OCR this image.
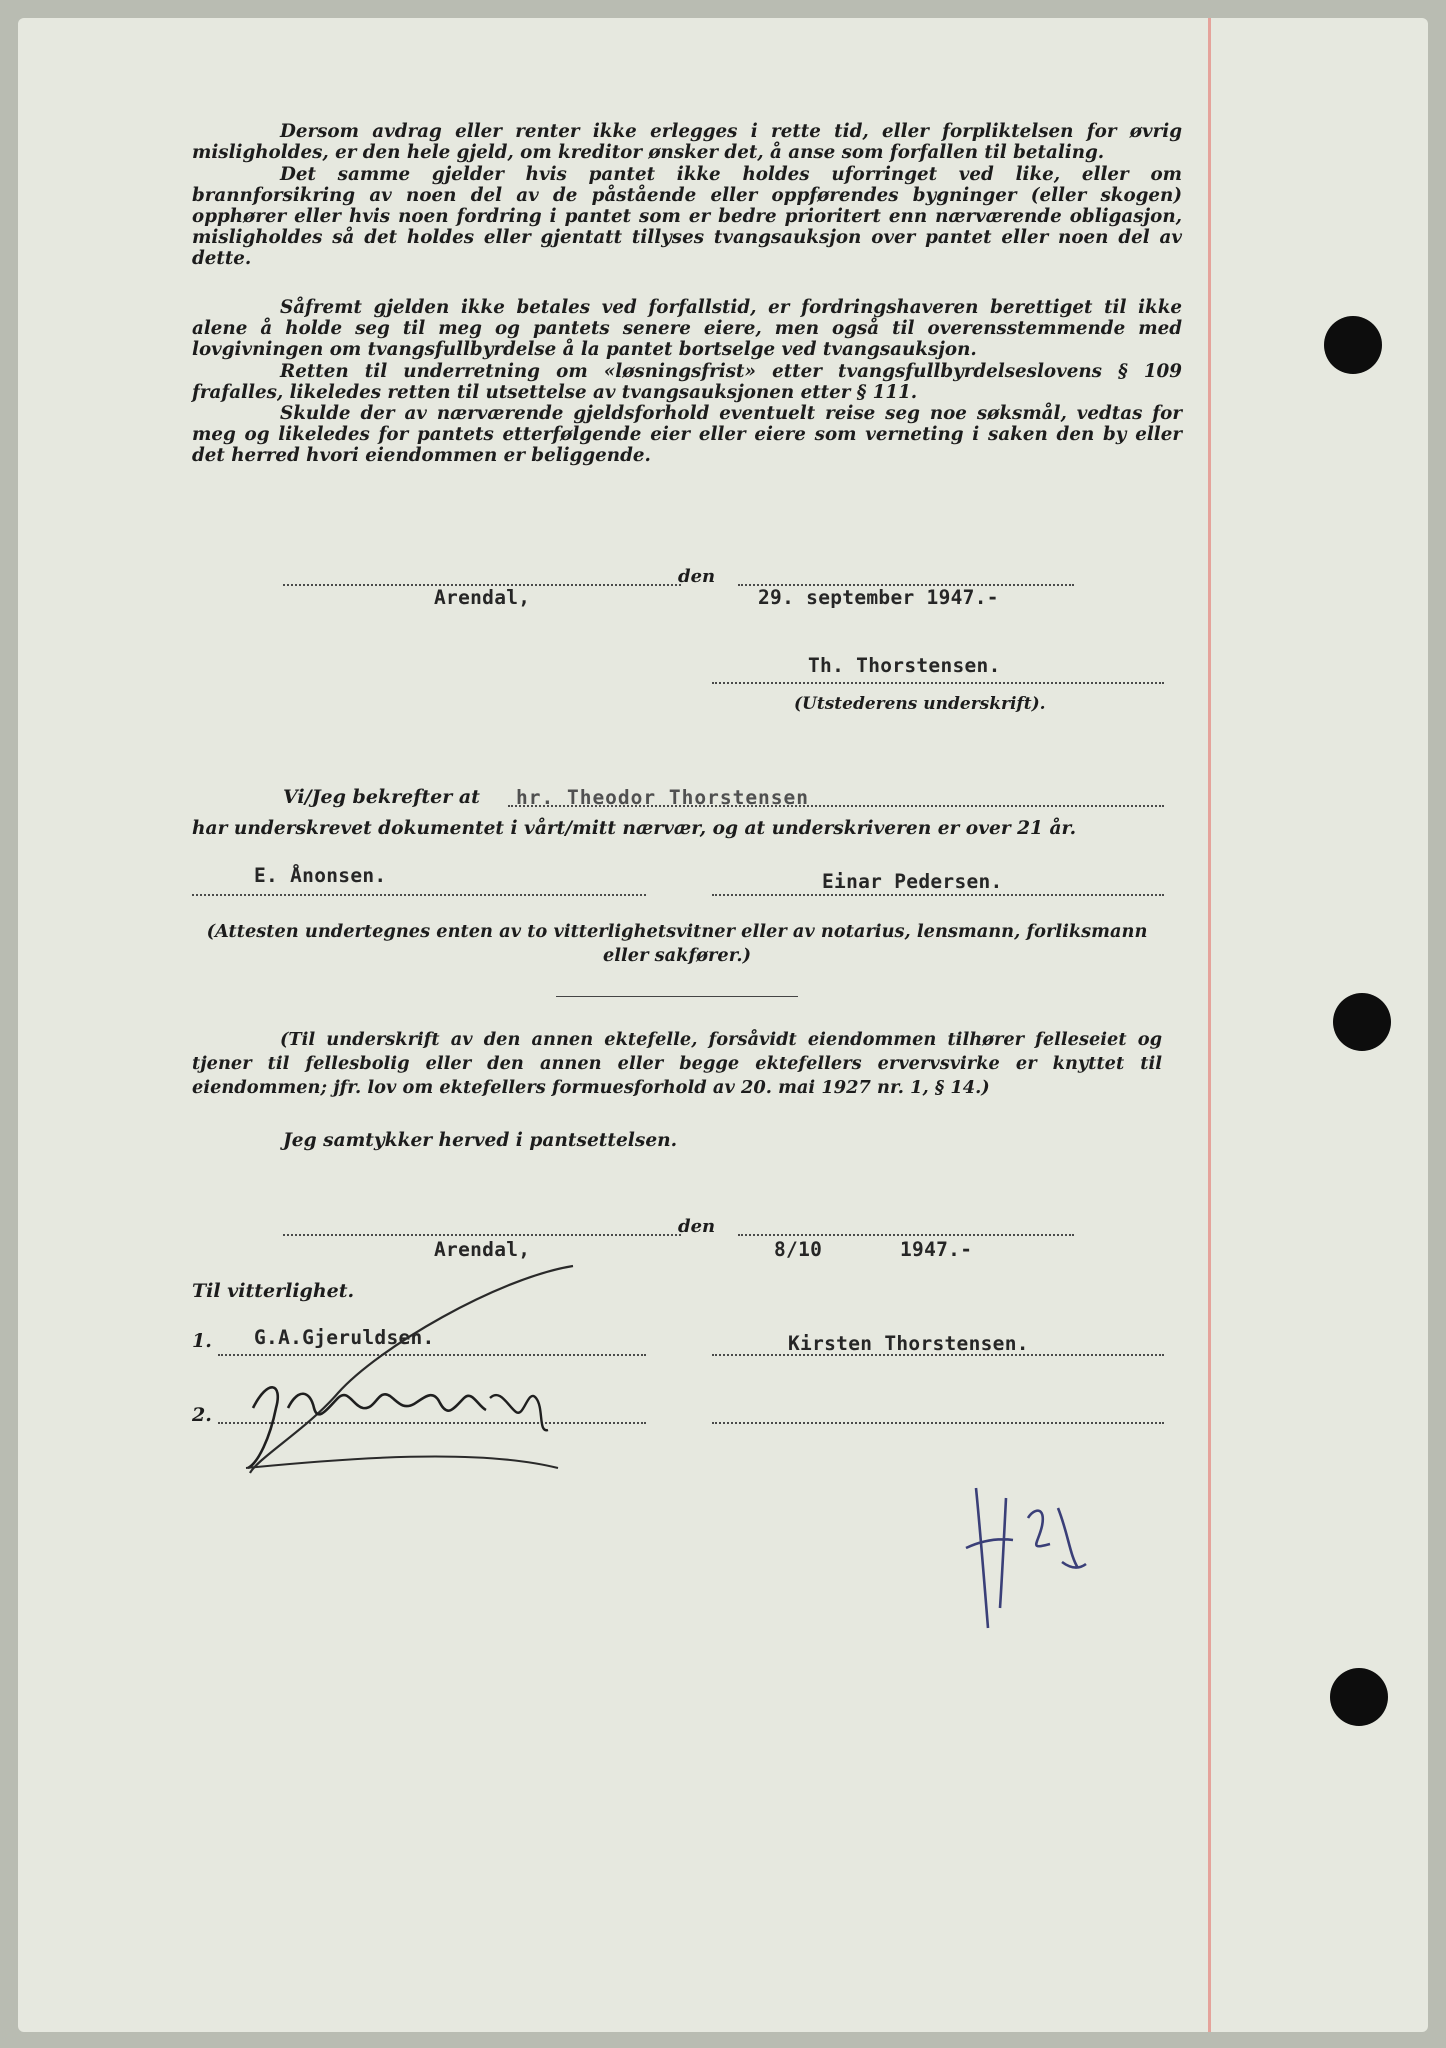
Dersom avdrag eller renter ikke erlegges i rette tid, eller forpliktelsen for øvrig misligholdes, er den hele gjeld, om kreditor ønsker det, å anse som forfallen til betaling.

Det samme gjelder hvis pantet ikke holdes uforringet ved like, eller om brannforsikring av noen del av de påstående eller oppførendes bygninger (eller skogen) opphører eller hvis noen fordring i pantet som er bedre prioritert enn nærværende obligasjon, misligholdes så det holdes eller gjentatt tillyses tvangsauksjon over pantet eller noen del av dette.

Såfremt gjelden ikke betales ved forfallstid, er fordringshaveren berettiget til ikke alene å holde seg til meg og pantets senere eiere, men også til overensstemmende med lovgivningen om tvangsfullbyrdelse å la pantet bortselge ved tvangsauksjon.

Retten til underretning om «løsningsfrist» etter tvangsfullbyrdelseslovens § 109 frafalles, likeledes retten til utsettelse av tvangsauksjonen etter § 111.

Skulde der av nærværende gjeldsforhold eventuelt reise seg noe søksmål, vedtas for meg og likeledes for pantets etterfølgende eier eller eiere som verneting i saken den by eller det herred hvori eiendommen er beliggende.

den
Arendal,	29. september 1947.-
Th. Thorstensen.
(Utstederens underskrift).
Vi/Jeg bekrefter at hr. Theodor Thorstensen
har underskrevet dokumentet i vårt/mitt nærvær, og at underskriveren er over 21 år.
E. Ånonsen.	Einar Pedersen.
(Attesten undertegnes enten av to vitterlighetsvitner eller av notarius, lensmann, forliksmann eller sakfører.)
(Til underskrift av den annen ektefelle, forsåvidt eiendommen tilhører felleseiet og tjener til fellesbolig eller den annen eller begge ektefellers ervervsvirke er knyttet til eiendommen; jfr. lov om ektefellers formuesforhold av 20. mai 1927 nr. 1, § 14.)
Jeg samtykker herved i pantsettelsen.
den
Arendal,	8/10	1947.-
Til vitterlighet.
1. G.A.Gjeruldsen.	Kirsten Thorstensen.
2.
